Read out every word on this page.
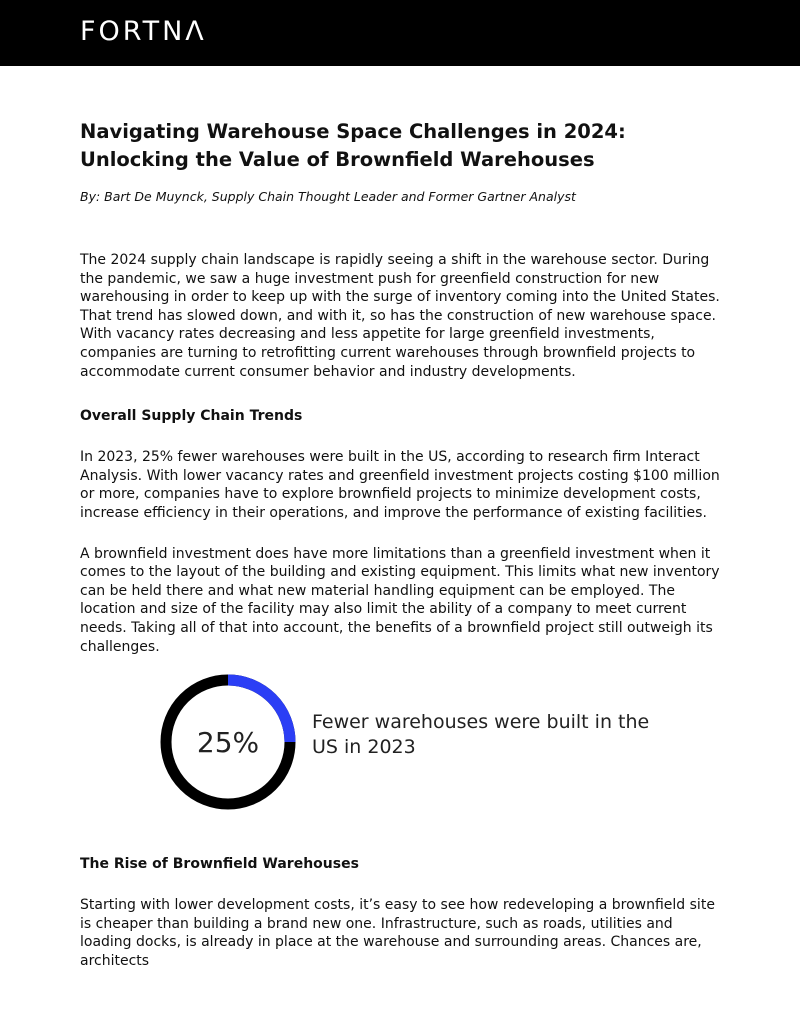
FORTNΛ
Navigating Warehouse Space Challenges in 2024:
Unlocking the Value of Brownfield Warehouses

By: Bart De Muynck, Supply Chain Thought Leader and Former Gartner Analyst

The 2024 supply chain landscape is rapidly seeing a shift in the warehouse sector. During the pandemic, we saw a huge investment push for greenfield construction for new warehousing in order to keep up with the surge of inventory coming into the United States. That trend has slowed down, and with it, so has the construction of new warehouse space. With vacancy rates decreasing and less appetite for large greenfield investments, companies are turning to retrofitting current warehouses through brownfield projects to accommodate current consumer behavior and industry developments.

Overall Supply Chain Trends

In 2023, 25% fewer warehouses were built in the US, according to research firm Interact Analysis. With lower vacancy rates and greenfield investment projects costing $100 million or more, companies have to explore brownfield projects to minimize development costs, increase efficiency in their operations, and improve the performance of existing facilities.

A brownfield investment does have more limitations than a greenfield investment when it comes to the layout of the building and existing equipment. This limits what new inventory can be held there and what new material handling equipment can be employed. The location and size of the facility may also limit the ability of a company to meet current needs. Taking all of that into account, the benefits of a brownfield project still outweigh its challenges.

25%
Fewer warehouses were built in the
US in 2023
The Rise of Brownfield Warehouses

Starting with lower development costs, it’s easy to see how redeveloping a brownfield site is cheaper than building a brand new one. Infrastructure, such as roads, utilities and loading docks, is already in place at the warehouse and surrounding areas. Chances are, architects
